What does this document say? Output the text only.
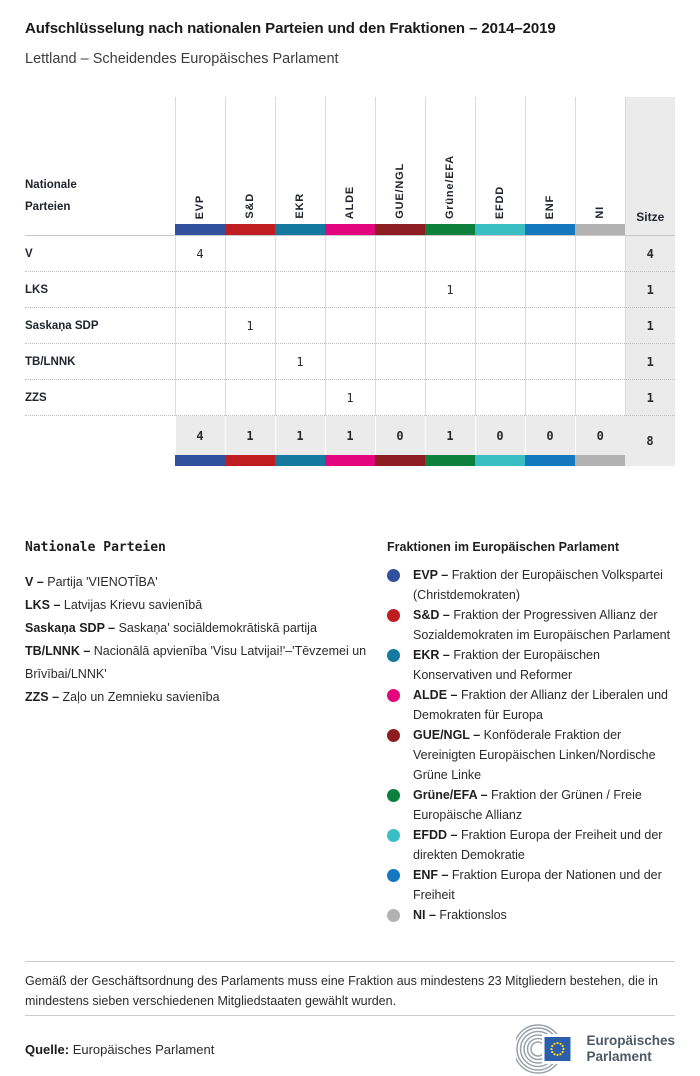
Aufschlüsselung nach nationalen Parteien und den Fraktionen – 2014–2019

Lettland – Scheidendes Europäisches Parlament

Nationale Parteien	EVP	S&D	EKR	ALDE	GUE/NGL	Grüne/EFA	EFDD	ENF	NI	Sitze

V	4									4
LKS						1				1
Saskaņa SDP		1								1
TB/LNNK			1							1
ZZS				1						1
	4	1	1	1	0	1	0	0	0	8

Nationale Parteien
V – Partija 'VIENOTĪBA'
LKS – Latvijas Krievu savienībā
Saskaņa SDP – Saskaņa' sociāldemokrātiskā partija
TB/LNNK – Nacionālā apvienība 'Visu Latvijai!'–'Tēvzemei un Brīvībai/LNNK'
ZZS – Zaļo un Zemnieku savienība
Fraktionen im Europäischen Parlament
EVP – Fraktion der Europäischen Volkspartei (Christdemokraten)
S&D – Fraktion der Progressiven Allianz der Sozialdemokraten im Europäischen Parlament
EKR – Fraktion der Europäischen Konservativen und Reformer
ALDE – Fraktion der Allianz der Liberalen und Demokraten für Europa
GUE/NGL – Konföderale Fraktion der Vereinigten Europäischen Linken/Nordische Grüne Linke
Grüne/EFA – Fraktion der Grünen / Freie Europäische Allianz
EFDD – Fraktion Europa der Freiheit und der direkten Demokratie
ENF – Fraktion Europa der Nationen und der Freiheit
NI – Fraktionslos

Gemäß der Geschäftsordnung des Parlaments muss eine Fraktion aus mindestens 23 Mitgliedern bestehen, die in mindestens sieben verschiedenen Mitgliedstaaten gewählt wurden.

Quelle: Europäisches Parlament
Europäisches
Parlament
